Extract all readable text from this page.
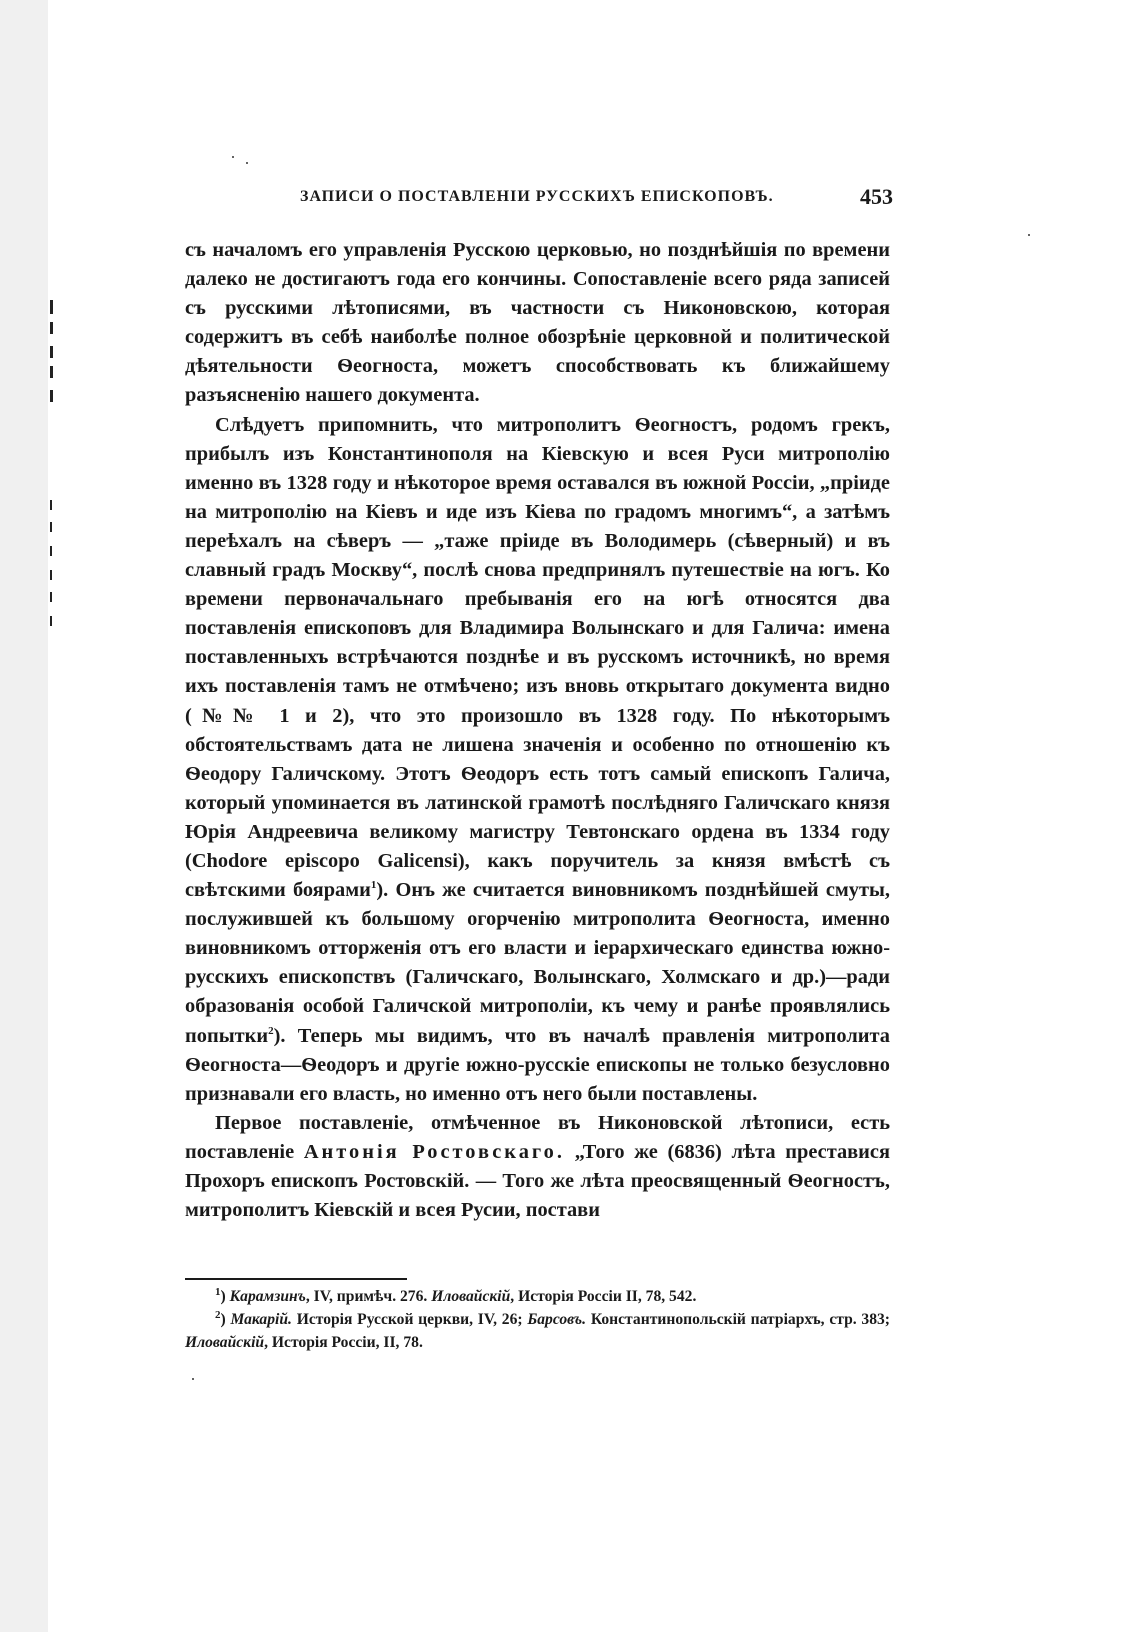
ЗАПИСИ О ПОСТАВЛЕНІИ РУССКИХЪ ЕПИСКОПОВЪ.	453

съ началомъ его управленія Русскою церковью, но позднѣйшія по времени далеко не достигаютъ года его кончины. Сопоставленіе всего ряда записей съ русскими лѣтописями, въ частности съ Никоновскою, которая содержитъ въ себѣ наиболѣе полное обозрѣніе церковной и политической дѣятельности Ѳеогноста, можетъ способствовать къ ближайшему разъясненію нашего документа.

Слѣдуетъ припомнить, что митрополитъ Ѳеогностъ, родомъ грекъ, прибылъ изъ Константинополя на Кіевскую и всея Руси митрополію именно въ 1328 году и нѣкоторое время оставался въ южной Россіи, „пріиде на митрополію на Кіевъ и иде изъ Кіева по градомъ многимъ“, а затѣмъ переѣхалъ на сѣверъ — „таже пріиде въ Володимерь (сѣверный) и въ славный градъ Москву“, послѣ снова предпринялъ путешествіе на югъ. Ко времени первоначальнаго пребыванія его на югѣ относятся два поставленія епископовъ для Владимира Волынскаго и для Галича: имена поставленныхъ встрѣчаются позднѣе и въ русскомъ источникѣ, но время ихъ поставленія тамъ не отмѣчено; изъ вновь открытаго документа видно (№№ 1 и 2), что это произошло въ 1328 году. По нѣкоторымъ обстоятельствамъ дата не лишена значенія и особенно по отношенію къ Ѳеодору Галичскому. Этотъ Ѳеодоръ есть тотъ самый епископъ Галича, который упоминается въ латинской грамотѣ послѣдняго Галичскаго князя Юрія Андреевича великому магистру Тевтонскаго ордена въ 1334 году (Chodore episcopo Galicensi), какъ поручитель за князя вмѣстѣ съ свѣтскими боярами$^1$). Онъ же считается виновникомъ позднѣйшей смуты, послужившей къ большому огорченію митрополита Ѳеогноста, именно виновникомъ отторженія отъ его власти и іерархическаго единства южно-русскихъ епископствъ (Галичскаго, Волынскаго, Холмскаго и др.)—ради образованія особой Галичской митрополіи, къ чему и ранѣе проявлялись попытки$^2$). Теперь мы видимъ, что въ началѣ правленія митрополита Ѳеогноста—Ѳеодоръ и другіе южно-русскіе епископы не только безусловно признавали его власть, но именно отъ него были поставлены.

Первое поставленіе, отмѣченное въ Никоновской лѣтописи, есть поставленіе Антонія Ростовскаго. „Того же (6836) лѣта преставися Прохоръ епископъ Ростовскій. — Того же лѣта преосвященный Ѳеогностъ, митрополитъ Кіевскій и всея Русии, постави

$^1$) Карамзинъ, IV, примѣч. 276. Иловайскій, Исторія Россіи II, 78, 542.

$^2$) Макарій. Исторія Русской церкви, IV, 26; Барсовъ. Константинопольскій патріархъ, стр. 383; Иловайскій, Исторія Россіи, II, 78.
